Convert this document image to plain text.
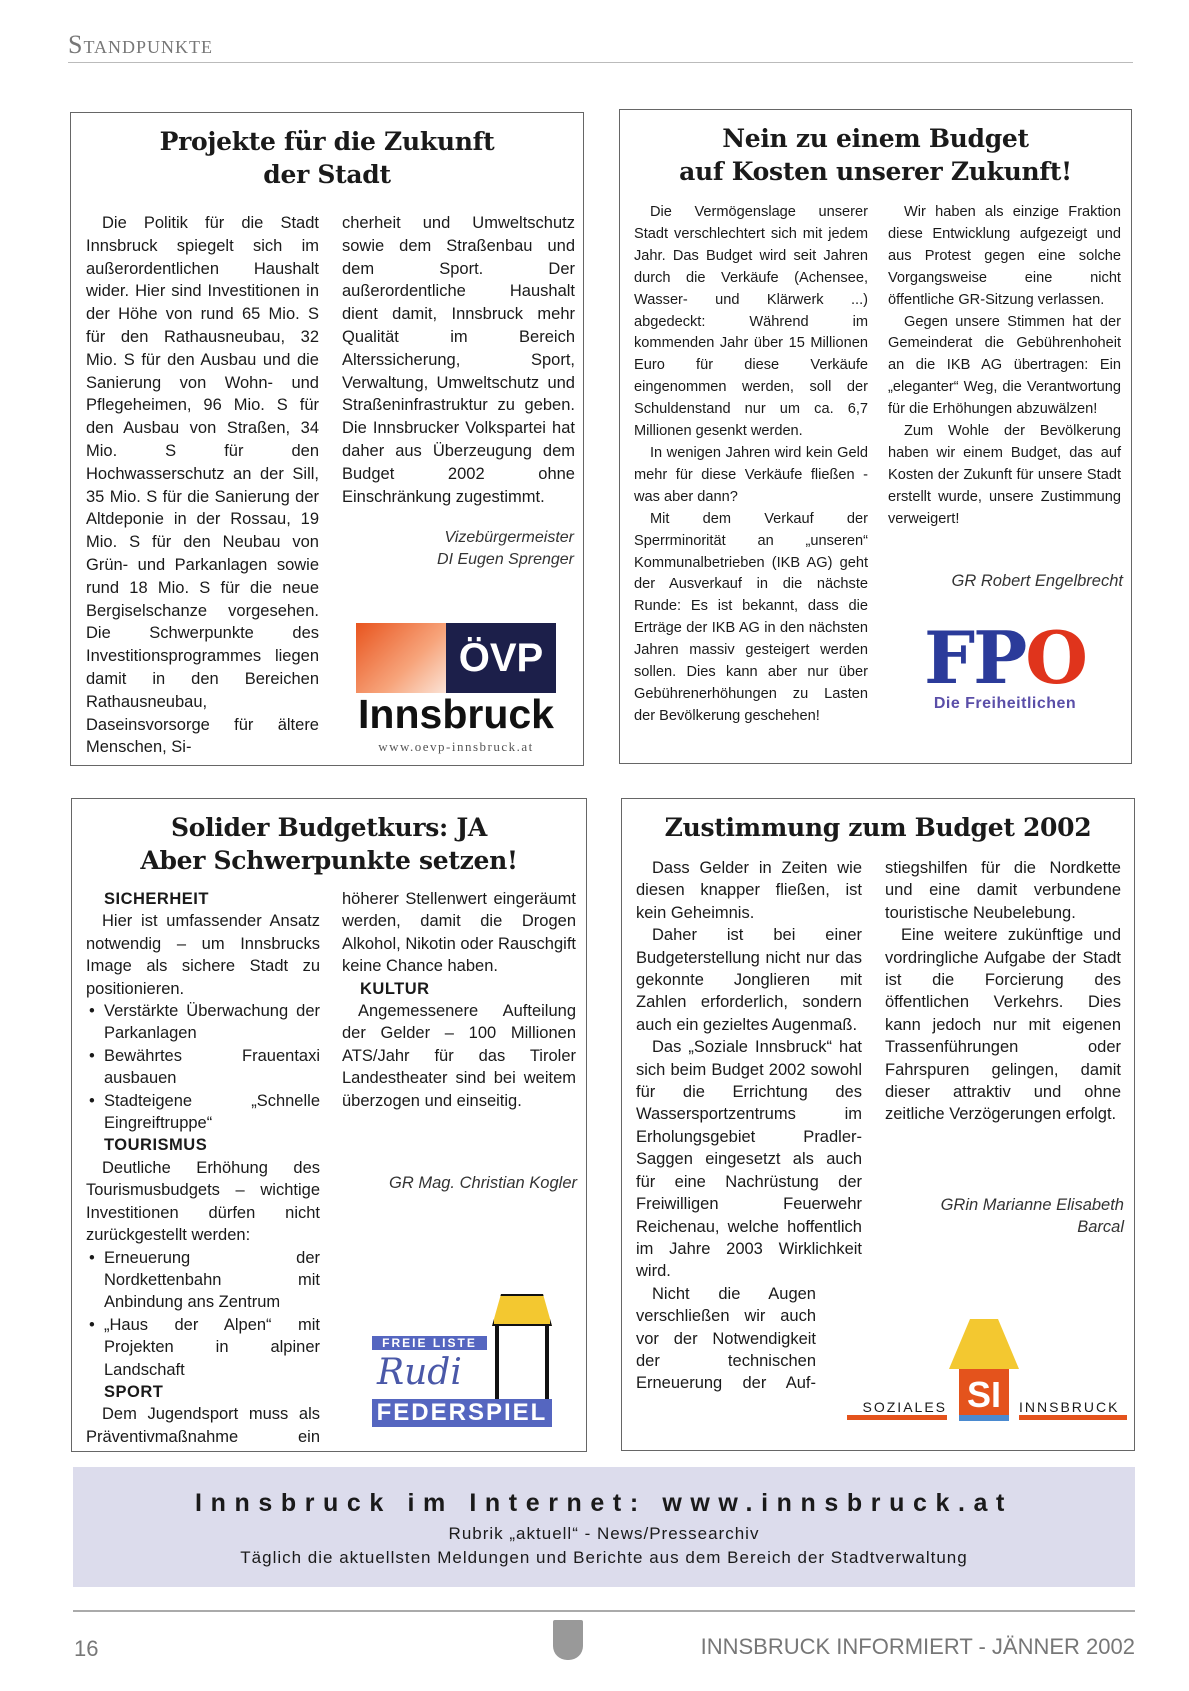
Standpunkte
Projekte für die Zukunft
der Stadt

Die Politik für die Stadt Innsbruck spiegelt sich im außerordentlichen Haushalt wider. Hier sind Investitionen in der Höhe von rund 65 Mio. S für den Rathausneubau, 32 Mio. S für den Ausbau und die Sanierung von Wohn- und Pflegeheimen, 96 Mio. S für den Ausbau von Straßen, 34 Mio. S für den Hochwasserschutz an der Sill, 35 Mio. S für die Sanierung der Altdeponie in der Rossau, 19 Mio. S für den Neubau von Grün- und Parkanlagen sowie rund 18 Mio. S für die neue Bergiselschanze vorgesehen. Die Schwerpunkte des Investitionsprogrammes liegen damit in den Bereichen Rathausneubau, Daseinsvorsorge für ältere Menschen, Si-

cherheit und Umweltschutz sowie dem Straßenbau und dem Sport. Der außerordentliche Haushalt dient damit, Innsbruck mehr Qualität im Bereich Alterssicherung, Sport, Verwaltung, Umweltschutz und Straßeninfrastruktur zu geben. Die Innsbrucker Volkspartei hat daher aus Überzeugung dem Budget 2002 ohne Einschränkung zugestimmt.

Vizebürgermeister
DI Eugen Sprenger
ÖVP
Innsbruck
www.oevp-innsbruck.at
Nein zu einem Budget
auf Kosten unserer Zukunft!

Die Vermögenslage unserer Stadt verschlechtert sich mit jedem Jahr. Das Budget wird seit Jahren durch die Verkäufe (Achensee, Wasser- und Klärwerk ...) abgedeckt: Während im kommenden Jahr über 15 Millionen Euro für diese Verkäufe eingenommen werden, soll der Schuldenstand nur um ca. 6,7 Millionen gesenkt werden.

In wenigen Jahren wird kein Geld mehr für diese Verkäufe fließen - was aber dann?

Mit dem Verkauf der Sperrminorität an „unseren“ Kommunalbetrieben (IKB AG) geht der Ausverkauf in die nächste Runde: Es ist bekannt, dass die Erträge der IKB AG in den nächsten Jahren massiv gesteigert werden sollen. Dies kann aber nur über Gebührenerhöhungen zu Lasten der Bevölkerung geschehen!

Wir haben als einzige Fraktion diese Entwicklung aufgezeigt und aus Protest gegen eine solche Vorgangsweise eine nicht öffentliche GR-Sitzung verlassen.

Gegen unsere Stimmen hat der Gemeinderat die Gebührenhoheit an die IKB AG übertragen: Ein „eleganter“ Weg, die Verantwortung für die Erhöhungen abzuwälzen!

Zum Wohle der Bevölkerung haben wir einem Budget, das auf Kosten der Zukunft für unsere Stadt erstellt wurde, unsere Zustimmung verweigert!

GR Robert Engelbrecht
FPO
Die Freiheitlichen
Solider Budgetkurs: JA
Aber Schwerpunkte setzen!
SICHERHEIT

Hier ist umfassender Ansatz notwendig – um Innsbrucks Image als sichere Stadt zu positionieren.

• Verstärkte Überwachung der Parkanlagen
• Bewährtes Frauentaxi ausbauen
• Stadteigene „Schnelle Eingreiftruppe“
TOURISMUS

Deutliche Erhöhung des Tourismusbudgets – wichtige Investitionen dürfen nicht zurückgestellt werden:

• Erneuerung der Nordkettenbahn mit Anbindung ans Zentrum
• „Haus der Alpen“ mit Projekten in alpiner Landschaft
SPORT

Dem Jugendsport muss als Präventivmaßnahme ein

höherer Stellenwert eingeräumt werden, damit die Drogen Alkohol, Nikotin oder Rauschgift keine Chance haben.

KULTUR

Angemessenere Aufteilung der Gelder – 100 Millionen ATS/Jahr für das Tiroler Landestheater sind bei weitem überzogen und einseitig.

GR Mag. Christian Kogler
FREIE LISTE
Rudi
FEDERSPIEL
Zustimmung zum Budget 2002

Dass Gelder in Zeiten wie diesen knapper fließen, ist kein Geheimnis.

Daher ist bei einer Budgeterstellung nicht nur das gekonnte Jonglieren mit Zahlen erforderlich, sondern auch ein gezieltes Augenmaß.

Das „Soziale Innsbruck“ hat sich beim Budget 2002 sowohl für die Errichtung des Wassersportzentrums im Erholungsgebiet Pradler-Saggen eingesetzt als auch für eine Nachrüstung der Freiwilligen Feuerwehr Reichenau, welche hoffentlich im Jahre 2003 Wirklichkeit wird.

Nicht die Augen verschließen wir auch vor der Notwendigkeit der technischen Erneuerung der Auf-

stiegshilfen für die Nordkette und eine damit verbundene touristische Neubelebung.

Eine weitere zukünftige und vordringliche Aufgabe der Stadt ist die Forcierung des öffentlichen Verkehrs. Dies kann jedoch nur mit eigenen Trassenführungen oder Fahrspuren gelingen, damit dieser attraktiv und ohne zeitliche Verzögerungen erfolgt.

GRin Marianne Elisabeth
Barcal
SI
SOZIALES	INNSBRUCK
Innsbruck im Internet: www.innsbruck.at
Rubrik „aktuell“ - News/Pressearchiv
Täglich die aktuellsten Meldungen und Berichte aus dem Bereich der Stadtverwaltung
16	INNSBRUCK INFORMIERT - JÄNNER 2002
